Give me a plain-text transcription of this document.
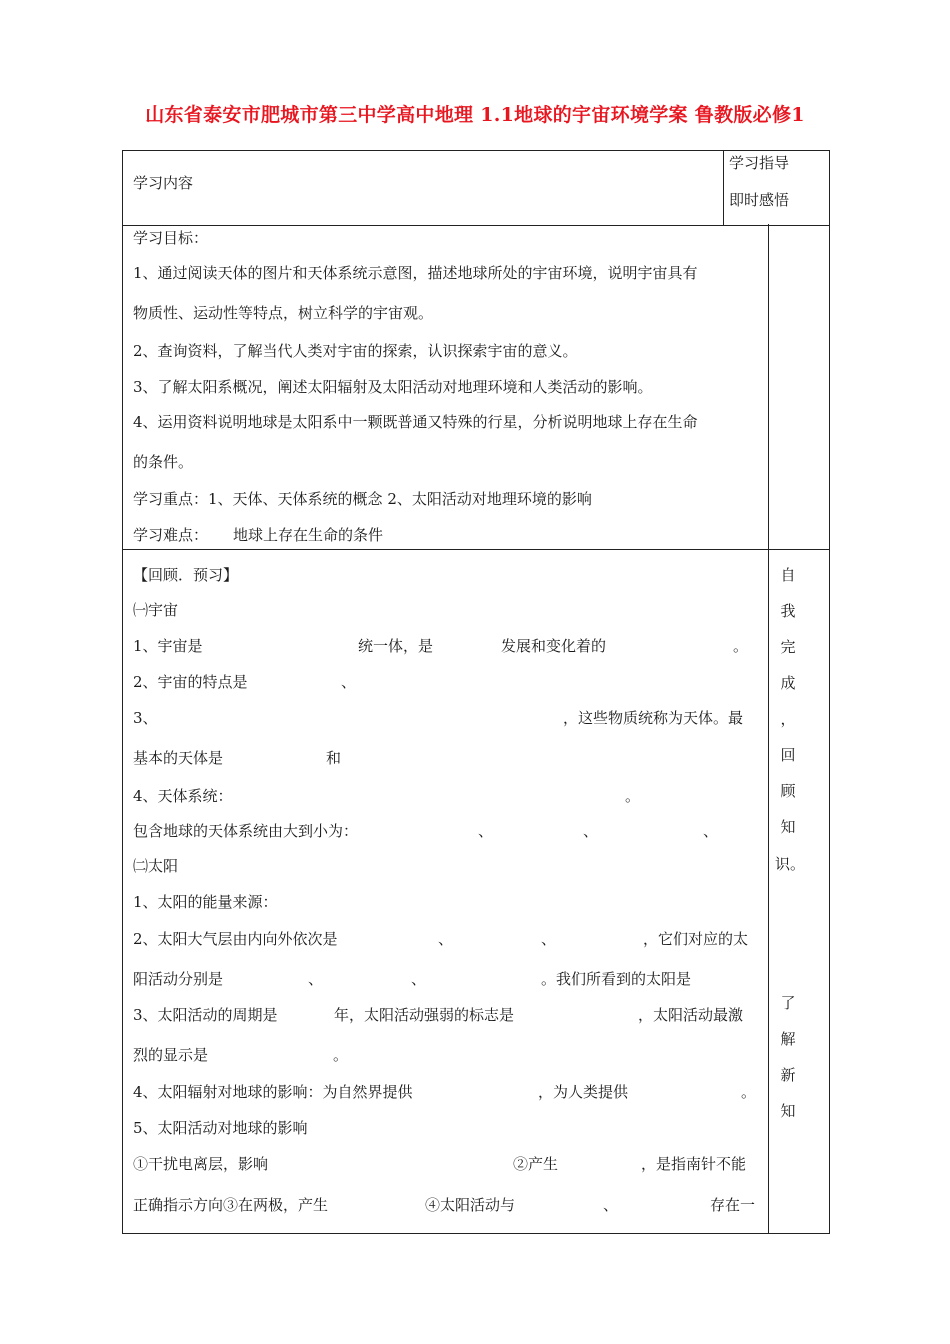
山东省泰安市肥城市第三中学高中地理 1.1地球的宇宙环境学案 鲁教版必修1
学习内容
学习指导
即时感悟
学习目标：
1、通过阅读天体的图片和天体系统示意图，描述地球所处的宇宙环境，说明宇宙具有
物质性、运动性等特点，树立科学的宇宙观。
2、查询资料，了解当代人类对宇宙的探索，认识探索宇宙的意义。
3、了解太阳系概况，阐述太阳辐射及太阳活动对地理环境和人类活动的影响。
4、运用资料说明地球是太阳系中一颗既普通又特殊的行星，分析说明地球上存在生命
的条件。
学习重点：1、天体、天体系统的概念 2、太阳活动对地理环境的影响
学习难点： 地球上存在生命的条件
【回顾．预习】
㈠宇宙
1、宇宙是	统一体，是	发展和变化着的	。
2、宇宙的特点是	、
3、	，这些物质统称为天体。最
基本的天体是	和
4、天体系统：	。
包含地球的天体系统由大到小为：	、	、	、
㈡太阳
1、太阳的能量来源：
2、太阳大气层由内向外依次是	、	、	，它们对应的太
阳活动分别是	、	、	。我们所看到的太阳是
3、太阳活动的周期是	年，太阳活动强弱的标志是	，太阳活动最激
烈的显示是	。
4、太阳辐射对地球的影响：为自然界提供	，为人类提供	。
5、太阳活动对地球的影响
①干扰电离层，影响	②产生	，是指南针不能
正确指示方向③在两极，产生	④太阳活动与	、	存在一
自
我
完
成
，
回
顾
知
识。
了
解
新
知
